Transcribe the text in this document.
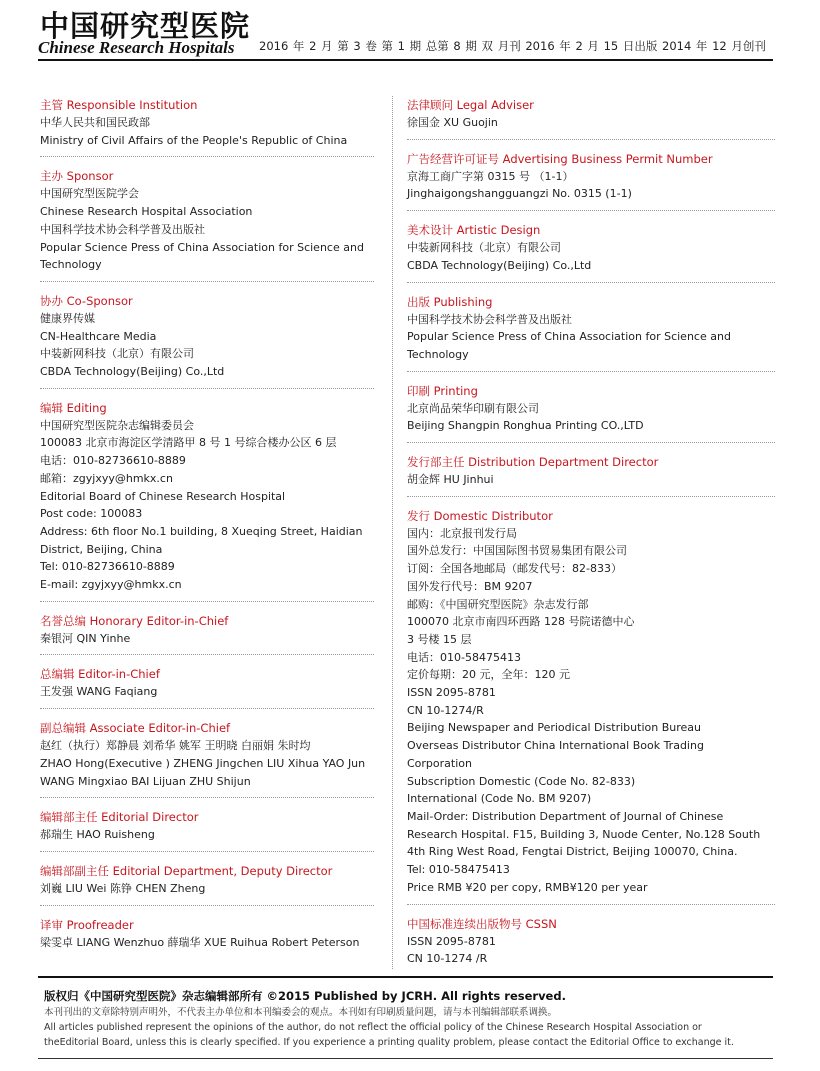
中国研究型医院
Chinese Research Hospitals 2016 年 2 月 第 3 卷 第 1 期 总第 8 期 双 月刊 2016 年 2 月 15 日出版 2014 年 12 月创刊
主管 Responsible Institution
中华人民共和国民政部
Ministry of Civil Affairs of the People's Republic of China
主办 Sponsor
中国研究型医院学会
Chinese Research Hospital Association
中国科学技术协会科学普及出版社
Popular Science Press of China Association for Science and
Technology
协办 Co-Sponsor
健康界传媒
CN-Healthcare Media
中装新网科技（北京）有限公司
CBDA Technology(Beijing) Co.,Ltd
编辑 Editing
中国研究型医院杂志编辑委员会
100083 北京市海淀区学清路甲 8 号 1 号综合楼办公区 6 层
电话：010-82736610-8889
邮箱：zgyjxyy@hmkx.cn
Editorial Board of Chinese Research Hospital
Post code: 100083
Address: 6th floor No.1 building, 8 Xueqing Street, Haidian
District, Beijing, China
Tel: 010-82736610-8889
E-mail: zgyjxyy@hmkx.cn
名誉总编 Honorary Editor-in-Chief
秦银河 QIN Yinhe
总编辑 Editor-in-Chief
王发强 WANG Faqiang
副总编辑 Associate Editor-in-Chief
赵红（执行）郑静晨 刘希华 姚军 王明晓 白丽娟 朱时均
ZHAO Hong(Executive ) ZHENG Jingchen LIU Xihua YAO Jun
WANG Mingxiao BAI Lijuan ZHU Shijun
编辑部主任 Editorial Director
郝瑞生 HAO Ruisheng
编辑部副主任 Editorial Department, Deputy Director
刘巍 LIU Wei 陈铮 CHEN Zheng
译审 Proofreader
梁雯卓 LIANG Wenzhuo 薛瑞华 XUE Ruihua Robert Peterson
法律顾问 Legal Adviser
徐国金 XU Guojin
广告经营许可证号 Advertising Business Permit Number
京海工商广字第 0315 号 （1-1）
Jinghaigongshangguangzi No. 0315 (1-1)
美术设计 Artistic Design
中装新网科技（北京）有限公司
CBDA Technology(Beijing) Co.,Ltd
出版 Publishing
中国科学技术协会科学普及出版社
Popular Science Press of China Association for Science and
Technology
印刷 Printing
北京尚品荣华印刷有限公司
Beijing Shangpin Ronghua Printing CO.,LTD
发行部主任 Distribution Department Director
胡金辉 HU Jinhui
发行 Domestic Distributor
国内：北京报刊发行局
国外总发行：中国国际图书贸易集团有限公司
订阅：全国各地邮局（邮发代号：82-833）
国外发行代号：BM 9207
邮购：《中国研究型医院》杂志发行部
100070 北京市南四环西路 128 号院诺德中心
3 号楼 15 层
电话：010-58475413
定价每期：20 元，全年：120 元
ISSN 2095-8781
CN 10-1274/R
Beijing Newspaper and Periodical Distribution Bureau
Overseas Distributor China International Book Trading
Corporation
Subscription Domestic (Code No. 82-833)
International (Code No. BM 9207)
Mail-Order: Distribution Department of Journal of Chinese
Research Hospital. F15, Building 3, Nuode Center, No.128 South
4th Ring West Road, Fengtai District, Beijing 100070, China.
Tel: 010-58475413
Price RMB ¥20 per copy, RMB¥120 per year
中国标准连续出版物号 CSSN
ISSN 2095-8781
CN 10-1274 /R
版权归《中国研究型医院》杂志编辑部所有 ©2015 Published by JCRH. All rights reserved.
本刊刊出的文章除特别声明外，不代表主办单位和本刊编委会的观点。本刊如有印刷质量问题，请与本刊编辑部联系调换。
All articles published represent the opinions of the author, do not reflect the official policy of the Chinese Research Hospital Association or theEditorial Board, unless this is clearly specified. If you experience a printing quality problem, please contact the Editorial Office to exchange it.
